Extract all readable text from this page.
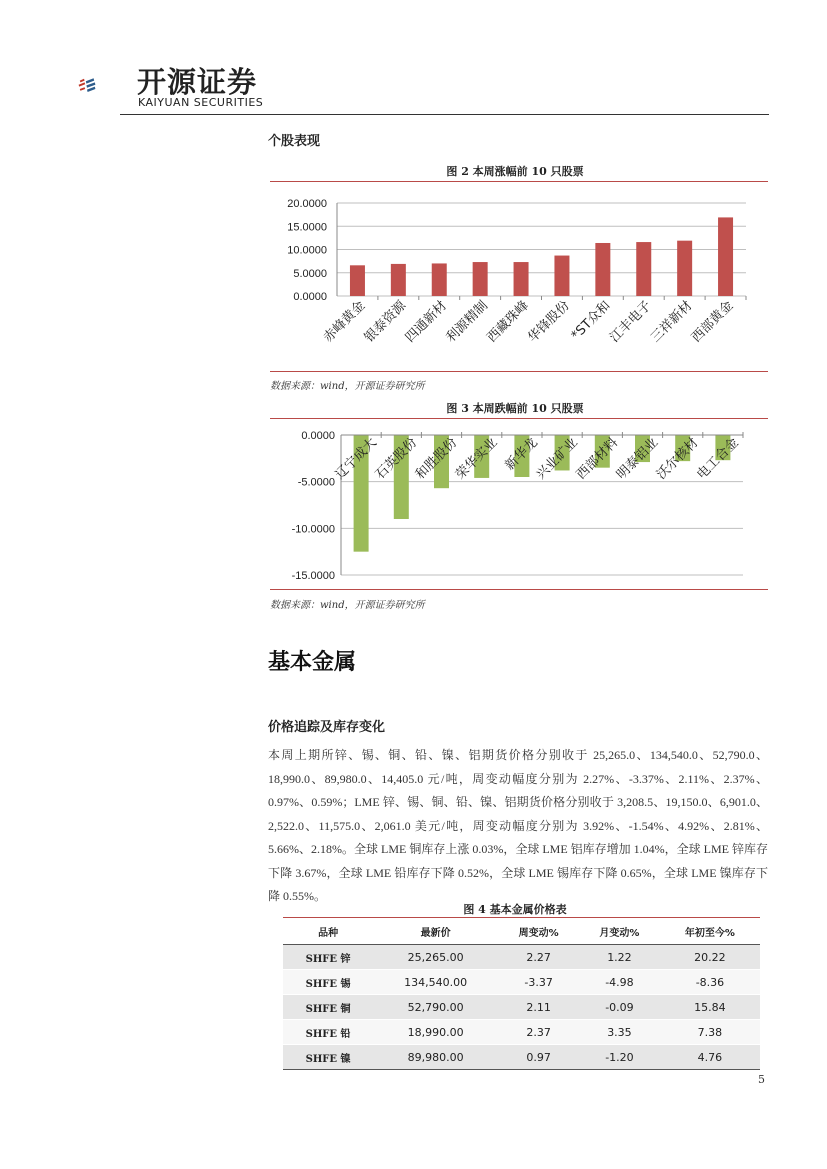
开源证券
KAIYUAN SECURITIES
个股表现
图 2 本周涨幅前 10 只股票
0.0000
5.0000
10.0000
15.0000
20.0000
赤峰黄金
银泰资源
四通新材
利源精制
西藏珠峰
华锋股份
*ST众和
江丰电子
三祥新材
西部黄金
数据来源：wind，开源证券研究所
图 3 本周跌幅前 10 只股票
0.0000
-5.0000
-10.0000
-15.0000
辽宁成大
石英股份
和胜股份
荣华实业 新华龙
兴业矿业
西部材料
明泰铝业
沃尔核材
电工合金
数据来源：wind，开源证券研究所
基本金属
价格追踪及库存变化
本周上期所锌、锡、铜、铅、镍、铝期货价格分别收于 25,265.0、134,540.0、52,790.0、18,990.0、89,980.0、14,405.0 元/吨，周变动幅度分别为 2.27%、-3.37%、2.11%、2.37%、0.97%、0.59%；LME 锌、锡、铜、铅、镍、铝期货价格分别收于 3,208.5、19,150.0、6,901.0、2,522.0、11,575.0、2,061.0 美元/吨，周变动幅度分别为 3.92%、-1.54%、4.92%、2.81%、5.66%、2.18%。全球 LME 铜库存上涨 0.03%，全球 LME 铝库存增加 1.04%，全球 LME 锌库存下降 3.67%，全球 LME 铅库存下降 0.52%，全球 LME 锡库存下降 0.65%，全球 LME 镍库存下降 0.55%。
图 4 基本金属价格表
品种	最新价	周变动%	月变动%	年初至今%
SHFE 锌	25,265.00	2.27	1.22	20.22
SHFE 锡	134,540.00	-3.37	-4.98	-8.36
SHFE 铜	52,790.00	2.11	-0.09	15.84
SHFE 铅	18,990.00	2.37	3.35	7.38
SHFE 镍	89,980.00	0.97	-1.20	4.76
5
